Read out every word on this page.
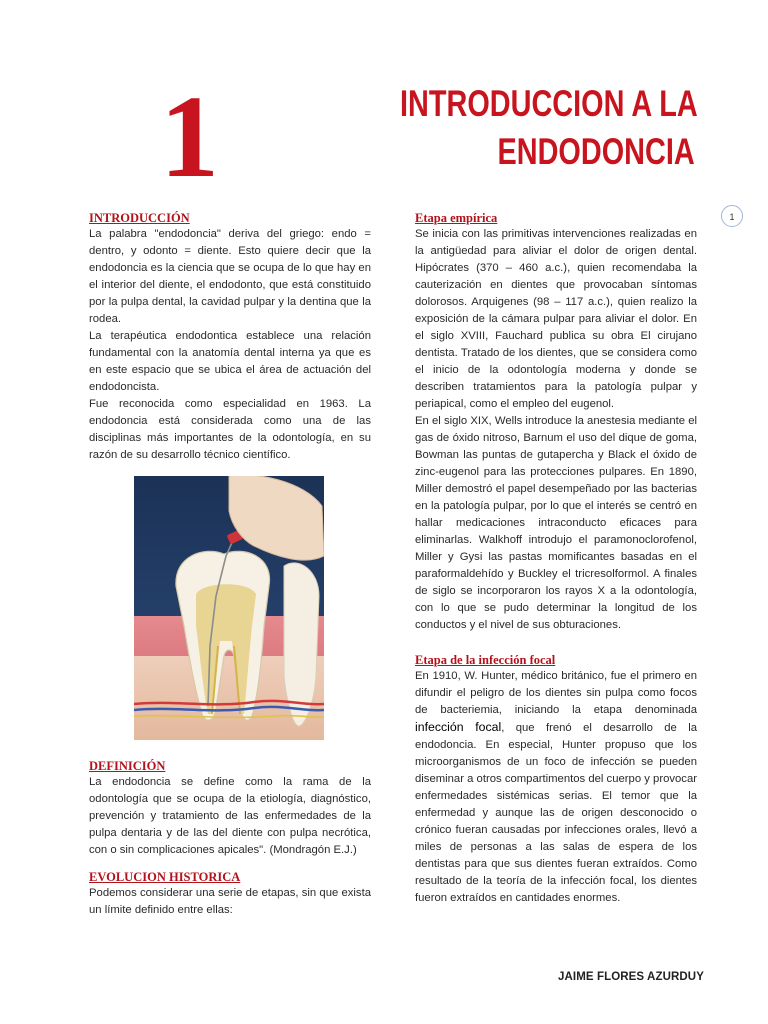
1	INTRODUCCION A LA
ENDODONCIA
1
INTRODUCCIÓN

La palabra "endodoncia" deriva del griego: endo = dentro, y odonto = diente. Esto quiere decir que la endodoncia es la ciencia que se ocupa de lo que hay en el interior del diente, el endodonto, que está constituido por la pulpa dental, la cavidad pulpar y la dentina que la rodea.

La terapéutica endodontica establece una relación fundamental con la anatomía dental interna ya que es en este espacio que se ubica el área de actuación del endodoncista.

Fue reconocida como especialidad en 1963. La endodoncia está considerada como una de las disciplinas más importantes de la odontología, en su razón de su desarrollo técnico científico.

DEFINICIÓN

La endodoncia se define como la rama de la odontología que se ocupa de la etiología, diagnóstico, prevención y tratamiento de las enfermedades de la pulpa dentaria y de las del diente con pulpa necrótica, con o sin complicaciones apicales". (Mondragón E.J.)

EVOLUCION HISTORICA

Podemos considerar una serie de etapas, sin que exista un límite definido entre ellas:

Etapa empírica

Se inicia con las primitivas intervenciones realizadas en la antigüedad para aliviar el dolor de origen dental. Hipócrates (370 – 460 a.c.), quien recomendaba la cauterización en dientes que provocaban síntomas dolorosos. Arquigenes (98 – 117 a.c.), quien realizo la exposición de la cámara pulpar para aliviar el dolor. En el siglo XVIII, Fauchard publica su obra El cirujano dentista. Tratado de los dientes, que se considera como el inicio de la odontología moderna y donde se describen tratamientos para la patología pulpar y periapical, como el empleo del eugenol.

En el siglo XIX, Wells introduce la anestesia mediante el gas de óxido nitroso, Barnum el uso del dique de goma, Bowman las puntas de gutapercha y Black el óxido de zinc-eugenol para las protecciones pulpares. En 1890, Miller demostró el papel desempeñado por las bacterias en la patología pulpar, por lo que el interés se centró en hallar medicaciones intraconducto eficaces para eliminarlas. Walkhoff introdujo el paramonoclorofenol, Miller y Gysi las pastas momificantes basadas en el paraformaldehído y Buckley el tricresolformol. A finales de siglo se incorporaron los rayos X a la odontología, con lo que se pudo determinar la longitud de los conductos y el nivel de sus obturaciones.

Etapa de la infección focal

En 1910, W. Hunter, médico británico, fue el primero en difundir el peligro de los dientes sin pulpa como focos de bacteriemia, iniciando la etapa denominada infección focal, que frenó el desarrollo de la endodoncia. En especial, Hunter propuso que los microorganismos de un foco de infección se pueden diseminar a otros compartimentos del cuerpo y provocar enfermedades sistémicas serias. El temor que la enfermedad y aunque las de origen desconocido o crónico fueran causadas por infecciones orales, llevó a miles de personas a las salas de espera de los dentistas para que sus dientes fueran extraídos. Como resultado de la teoría de la infección focal, los dientes fueron extraídos en cantidades enormes.

JAIME FLORES AZURDUY
